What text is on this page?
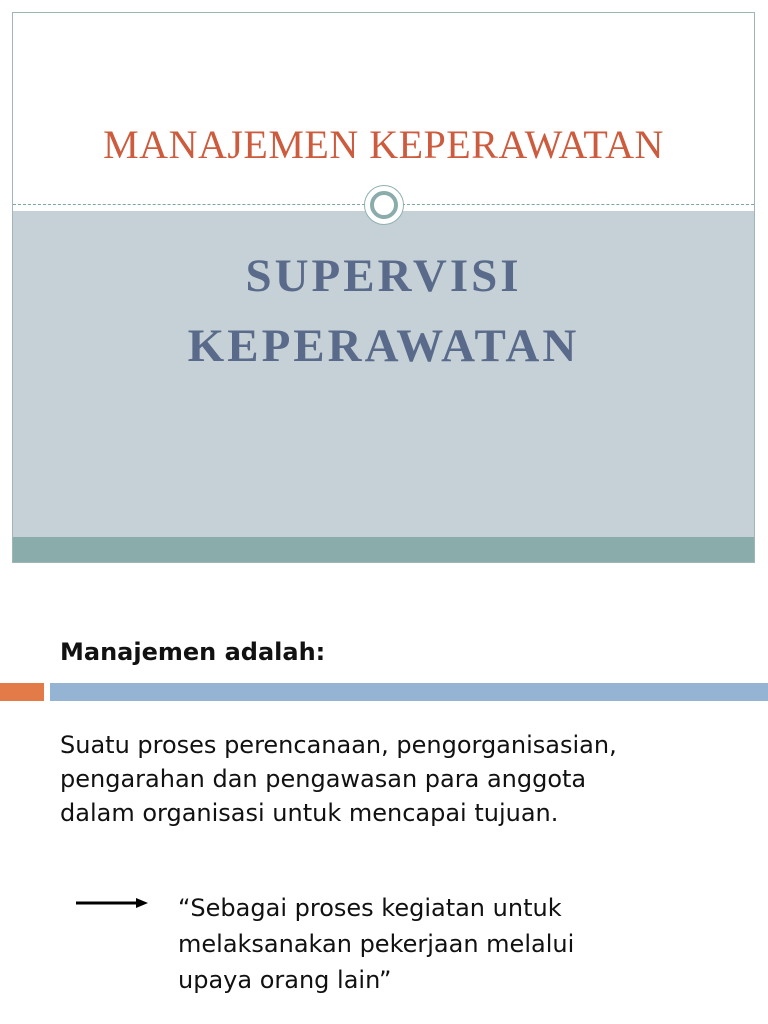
MANAJEMEN KEPERAWATAN
SUPERVISI
KEPERAWATAN
Manajemen adalah:
Suatu proses perencanaan, pengorganisasian,
pengarahan dan pengawasan para anggota
dalam organisasi untuk mencapai tujuan.
“Sebagai proses kegiatan untuk
melaksanakan pekerjaan melalui
upaya orang lain”
